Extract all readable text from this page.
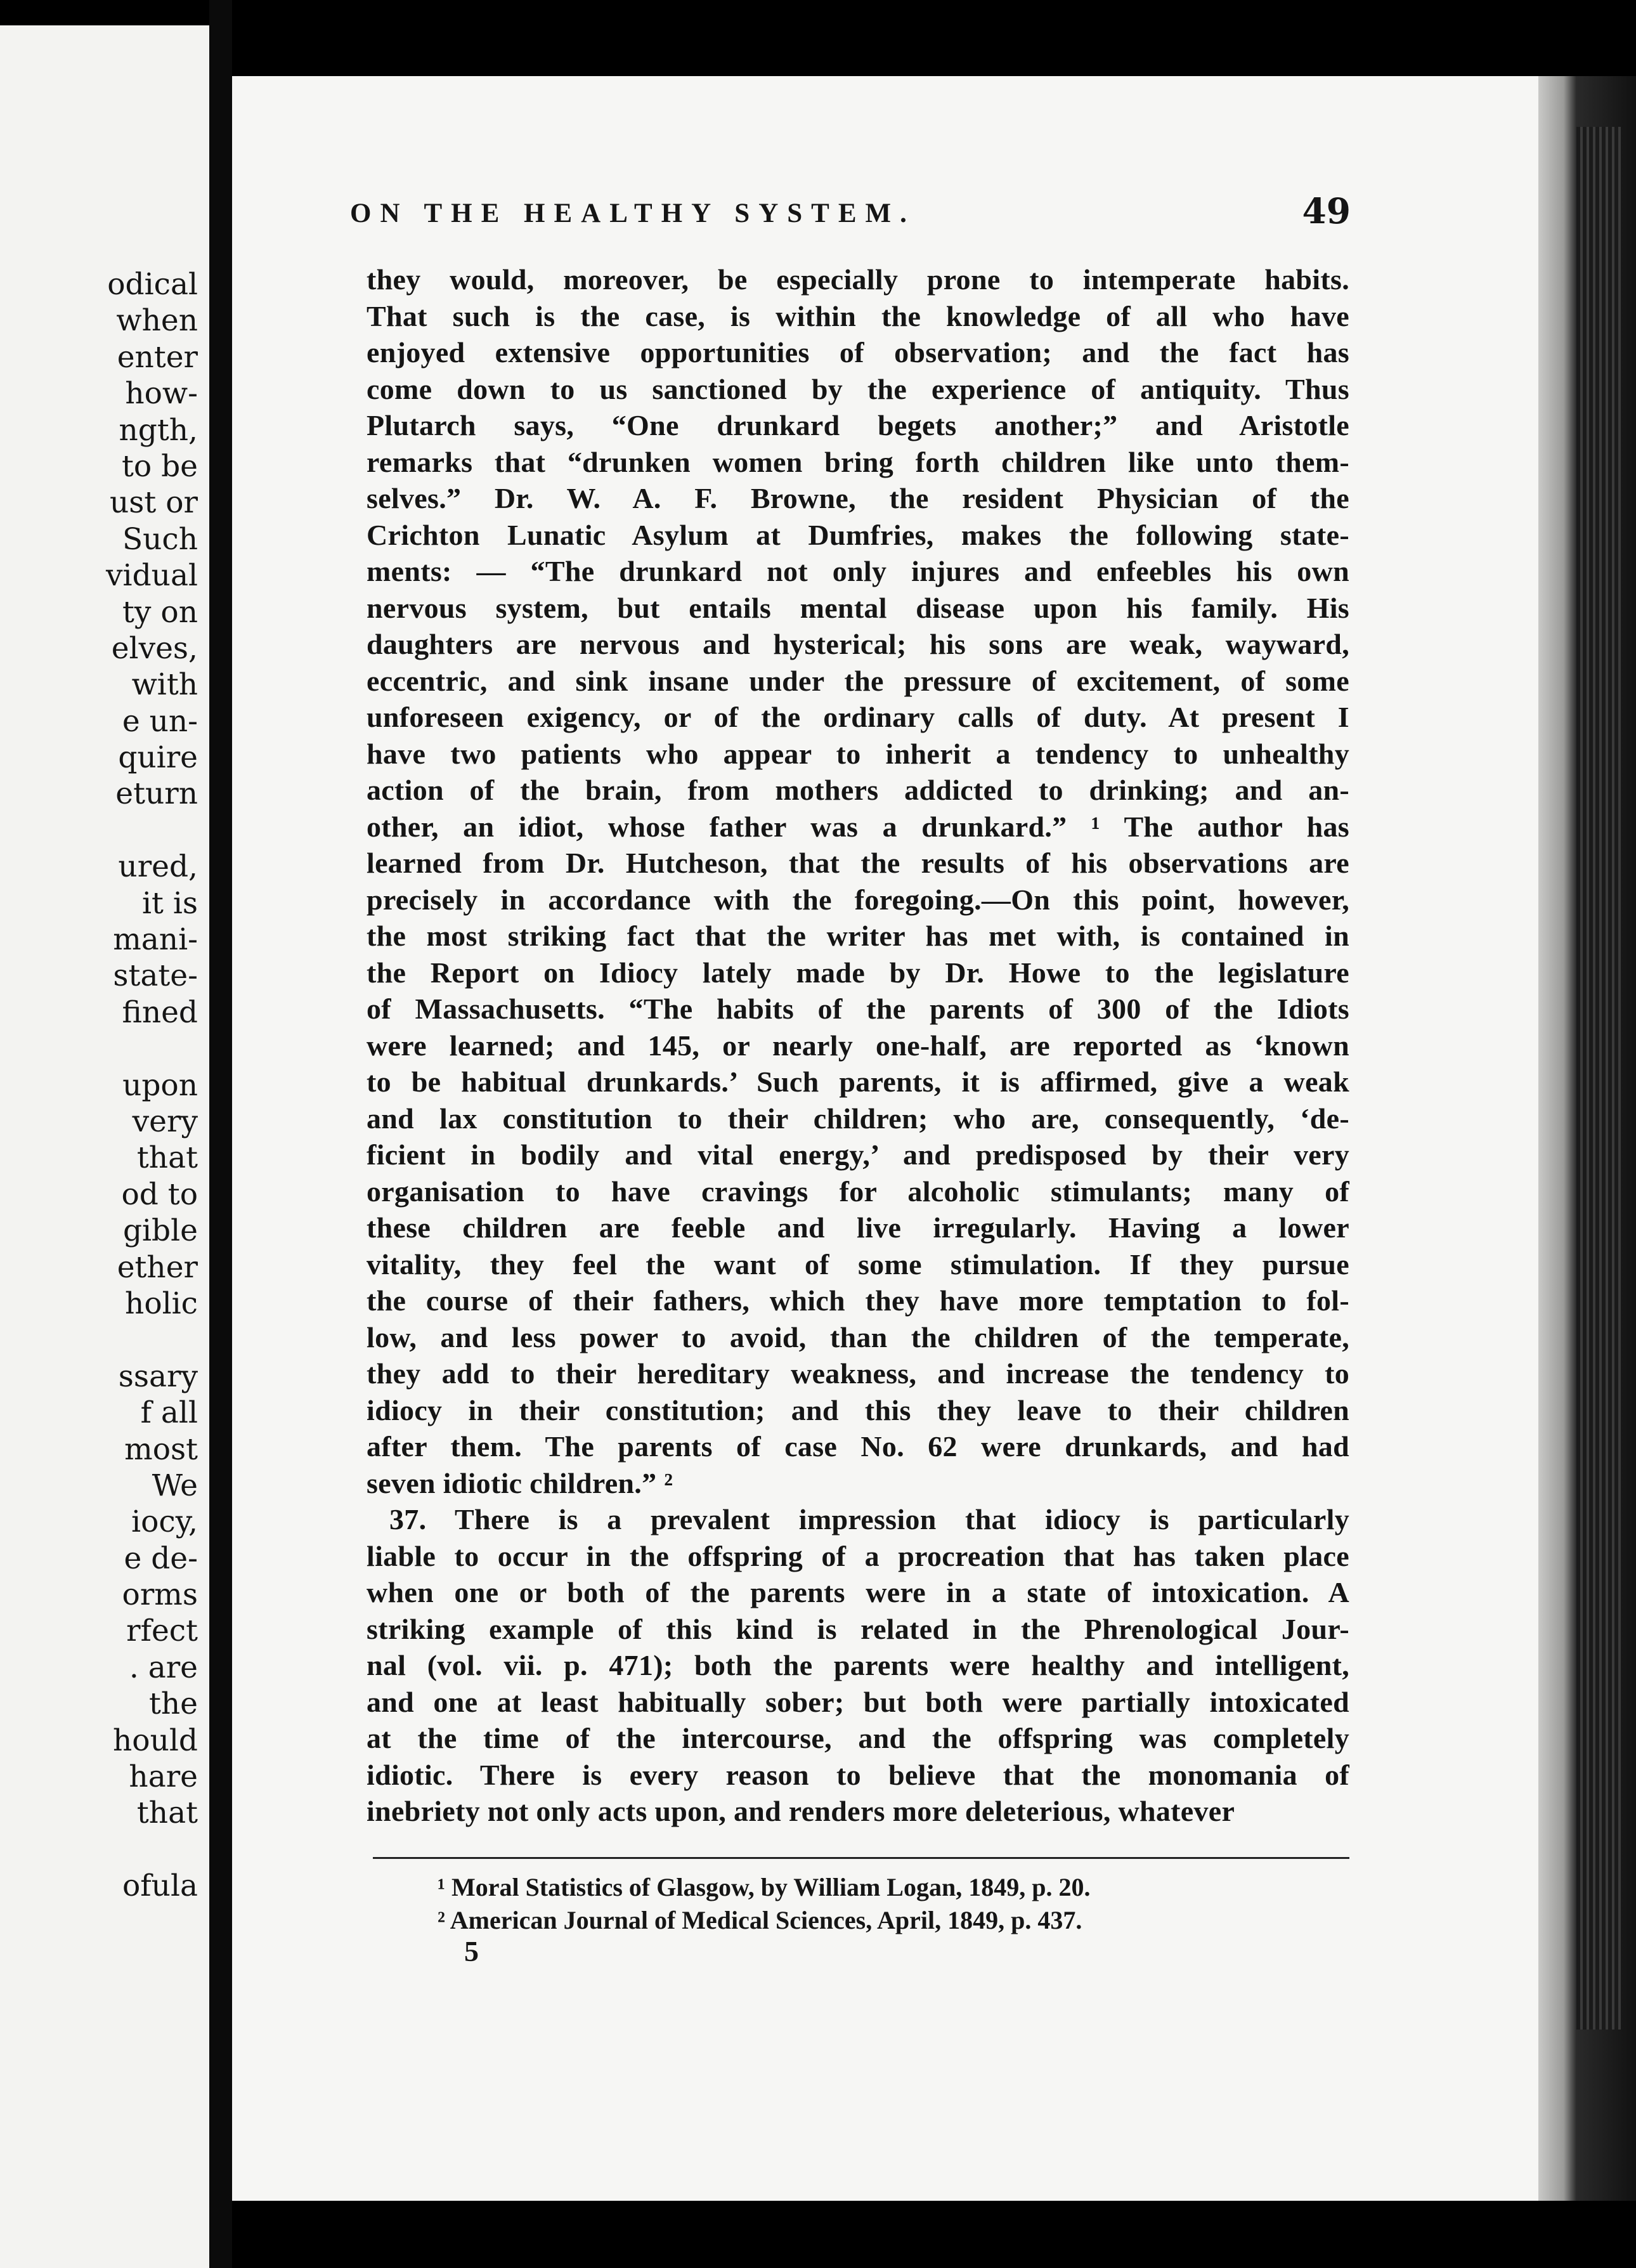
odical
when
enter
how-
ngth,
to be
ust or
Such
vidual
ty on
elves,
with
e un-
quire
eturn
ured,
it is
mani-
state-
fined
upon
very
that
od to
gible
ether
holic
ssary
f all
most
We
iocy,
e de-
orms
rfect
. are
the
hould
hare
that
ofula
ON THE HEALTHY SYSTEM.	49
they would, moreover, be especially prone to intemperate habits.
That such is the case, is within the knowledge of all who have
enjoyed extensive opportunities of observation; and the fact has
come down to us sanctioned by the experience of antiquity. Thus
Plutarch says, “One drunkard begets another;” and Aristotle
remarks that “drunken women bring forth children like unto them-
selves.” Dr. W. A. F. Browne, the resident Physician of the
Crichton Lunatic Asylum at Dumfries, makes the following state-
ments: — “The drunkard not only injures and enfeebles his own
nervous system, but entails mental disease upon his family. His
daughters are nervous and hysterical; his sons are weak, wayward,
eccentric, and sink insane under the pressure of excitement, of some
unforeseen exigency, or of the ordinary calls of duty. At present I
have two patients who appear to inherit a tendency to unhealthy
action of the brain, from mothers addicted to drinking; and an-
other, an idiot, whose father was a drunkard.” ¹ The author has
learned from Dr. Hutcheson, that the results of his observations are
precisely in accordance with the foregoing.—On this point, however,
the most striking fact that the writer has met with, is contained in
the Report on Idiocy lately made by Dr. Howe to the legislature
of Massachusetts. “The habits of the parents of 300 of the Idiots
were learned; and 145, or nearly one-half, are reported as ‘known
to be habitual drunkards.’ Such parents, it is affirmed, give a weak
and lax constitution to their children; who are, consequently, ‘de-
ficient in bodily and vital energy,’ and predisposed by their very
organisation to have cravings for alcoholic stimulants; many of
these children are feeble and live irregularly. Having a lower
vitality, they feel the want of some stimulation. If they pursue
the course of their fathers, which they have more temptation to fol-
low, and less power to avoid, than the children of the temperate,
they add to their hereditary weakness, and increase the tendency to
idiocy in their constitution; and this they leave to their children
after them. The parents of case No. 62 were drunkards, and had
seven idiotic children.” ²
37. There is a prevalent impression that idiocy is particularly
liable to occur in the offspring of a procreation that has taken place
when one or both of the parents were in a state of intoxication. A
striking example of this kind is related in the Phrenological Jour-
nal (vol. vii. p. 471); both the parents were healthy and intelligent,
and one at least habitually sober; but both were partially intoxicated
at the time of the intercourse, and the offspring was completely
idiotic. There is every reason to believe that the monomania of
inebriety not only acts upon, and renders more deleterious, whatever
¹ Moral Statistics of Glasgow, by William Logan, 1849, p. 20.
² American Journal of Medical Sciences, April, 1849, p. 437.
5
